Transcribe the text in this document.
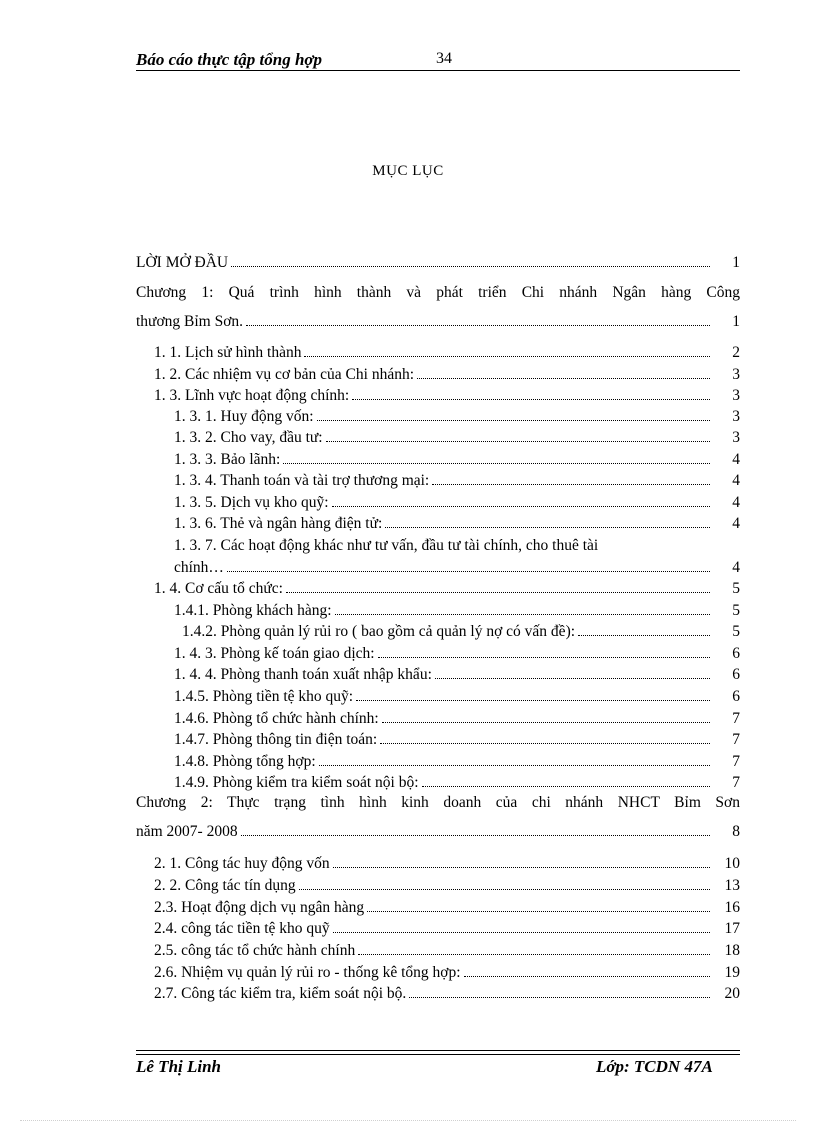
Báo cáo thực tập tổng hợp	34
MỤC LỤC
LỜI MỞ ĐẦU	1
Chương 1: Quá trình hình thành và phát triển Chi nhánh Ngân hàng Công
thương Bỉm Sơn.	1
1. 1. Lịch sử hình thành	2
1. 2. Các nhiệm vụ cơ bản của Chi nhánh:	3
1. 3. Lĩnh vực hoạt động chính:	3
1. 3. 1. Huy động vốn:	3
1. 3. 2. Cho vay, đầu tư:	3
1. 3. 3. Bảo lãnh:	4
1. 3. 4. Thanh toán và tài trợ thương mại:	4
1. 3. 5. Dịch vụ kho quỹ:	4
1. 3. 6. Thẻ và ngân hàng điện tử:	4
1. 3. 7. Các hoạt động khác như tư vấn, đầu tư tài chính, cho thuê tài
chính…	4
1. 4. Cơ cấu tổ chức:	5
1.4.1. Phòng khách hàng:	5
1.4.2. Phòng quản lý rủi ro ( bao gồm cả quản lý nợ có vấn đề):	5
1. 4. 3. Phòng kế toán giao dịch:	6
1. 4. 4. Phòng thanh toán xuất nhập khẩu:	6
1.4.5. Phòng tiền tệ kho quỹ:	6
1.4.6. Phòng tổ chức hành chính:	7
1.4.7. Phòng thông tin điện toán:	7
1.4.8. Phòng tổng hợp:	7
1.4.9. Phòng kiểm tra kiểm soát nội bộ:	7
Chương 2: Thực trạng tình hình kinh doanh của chi nhánh NHCT Bỉm Sơn
năm 2007- 2008	8
2. 1. Công tác huy động vốn	10
2. 2. Công tác tín dụng	13
2.3. Hoạt động dịch vụ ngân hàng	16
2.4. công tác tiền tệ kho quỹ	17
2.5. công tác tổ chức hành chính	18
2.6. Nhiệm vụ quản lý rủi ro - thống kê tổng hợp:	19
2.7. Công tác kiểm tra, kiểm soát nội bộ.	20
Lê Thị Linh	Lớp: TCDN 47A
